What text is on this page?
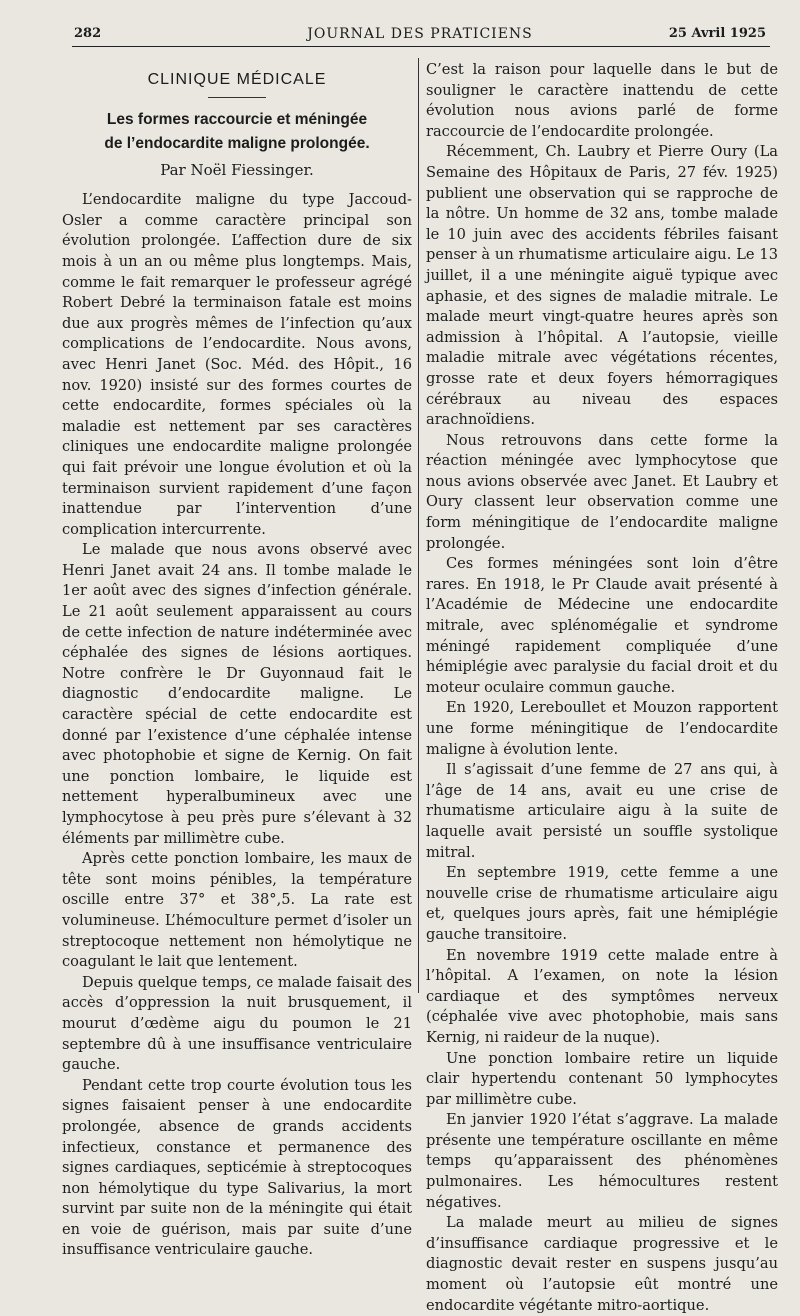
282	JOURNAL DES PRATICIENS	25 Avril 1925
CLINIQUE MÉDICALE
Les formes raccourcie et méningée
de l’endocardite maligne prolongée.
Par Noël Fiessinger.

L’endocardite maligne du type Jaccoud-Osler a comme caractère principal son évolution prolongée. L’affection dure de six mois à un an ou même plus longtemps. Mais, comme le fait remarquer le professeur agrégé Robert Debré la terminaison fatale est moins due aux progrès mêmes de l’infection qu’aux complications de l’endocardite. Nous avons, avec Henri Janet (Soc. Méd. des Hôpit., 16 nov. 1920) insisté sur des formes courtes de cette endocardite, formes spéciales où la maladie est nettement par ses caractères cliniques une endocardite maligne prolongée qui fait prévoir une longue évolution et où la terminaison survient rapidement d’une façon inattendue par l’intervention d’une complication intercurrente.

Le malade que nous avons observé avec Henri Janet avait 24 ans. Il tombe malade le 1er août avec des signes d’infection générale. Le 21 août seulement apparaissent au cours de cette infection de nature indéterminée avec céphalée des signes de lésions aortiques. Notre confrère le Dr Guyonnaud fait le diagnostic d’endocardite maligne. Le caractère spécial de cette endocardite est donné par l’existence d’une céphalée intense avec photophobie et signe de Kernig. On fait une ponction lombaire, le liquide est nettement hyperalbumineux avec une lymphocytose à peu près pure s’élevant à 32 éléments par millimètre cube.

Après cette ponction lombaire, les maux de tête sont moins pénibles, la température oscille entre 37° et 38°,5. La rate est volumineuse. L’hémoculture permet d’isoler un streptocoque nettement non hémolytique ne coagulant le lait que lentement.

Depuis quelque temps, ce malade faisait des accès d’oppression la nuit brusquement, il mourut d’œdème aigu du poumon le 21 septembre dû à une insuffisance ventriculaire gauche.

Pendant cette trop courte évolution tous les signes faisaient penser à une endocardite prolongée, absence de grands accidents infectieux, constance et permanence des signes cardiaques, septicémie à streptocoques non hémolytique du type Salivarius, la mort survint par suite non de la méningite qui était en voie de guérison, mais par suite d’une insuffisance ventriculaire gauche.

C’est la raison pour laquelle dans le but de souligner le caractère inattendu de cette évolution nous avions parlé de forme raccourcie de l’endocardite prolongée.

Récemment, Ch. Laubry et Pierre Oury (La Semaine des Hôpitaux de Paris, 27 fév. 1925) publient une observation qui se rapproche de la nôtre. Un homme de 32 ans, tombe malade le 10 juin avec des accidents fébriles faisant penser à un rhumatisme articulaire aigu. Le 13 juillet, il a une méningite aiguë typique avec aphasie, et des signes de maladie mitrale. Le malade meurt vingt-quatre heures après son admission à l’hôpital. A l’autopsie, vieille maladie mitrale avec végétations récentes, grosse rate et deux foyers hémorragiques cérébraux au niveau des espaces arachnoïdiens.

Nous retrouvons dans cette forme la réaction méningée avec lymphocytose que nous avions observée avec Janet. Et Laubry et Oury classent leur observation comme une form méningitique de l’endocardite maligne prolongée.

Ces formes méningées sont loin d’être rares. En 1918, le Pr Claude avait présenté à l’Académie de Médecine une endocardite mitrale, avec splénomégalie et syndrome méningé rapidement compliquée d’une hémiplégie avec paralysie du facial droit et du moteur oculaire commun gauche.

En 1920, Lereboullet et Mouzon rapportent une forme méningitique de l’endocardite maligne à évolution lente.

Il s’agissait d’une femme de 27 ans qui, à l’âge de 14 ans, avait eu une crise de rhumatisme articulaire aigu à la suite de laquelle avait persisté un souffle systolique mitral.

En septembre 1919, cette femme a une nouvelle crise de rhumatisme articulaire aigu et, quelques jours après, fait une hémiplégie gauche transitoire.

En novembre 1919 cette malade entre à l’hôpital. A l’examen, on note la lésion cardiaque et des symptômes nerveux (céphalée vive avec photophobie, mais sans Kernig, ni raideur de la nuque).

Une ponction lombaire retire un liquide clair hypertendu contenant 50 lymphocytes par millimètre cube.

En janvier 1920 l’état s’aggrave. La malade présente une température oscillante en même temps qu’apparaissent des phénomènes pulmonaires. Les hémocultures restent négatives.

La malade meurt au milieu de signes d’insuffisance cardiaque progressive et le diagnostic devait rester en suspens jusqu’au moment où l’autopsie eût montré une endocardite végétante mitro-aortique.
